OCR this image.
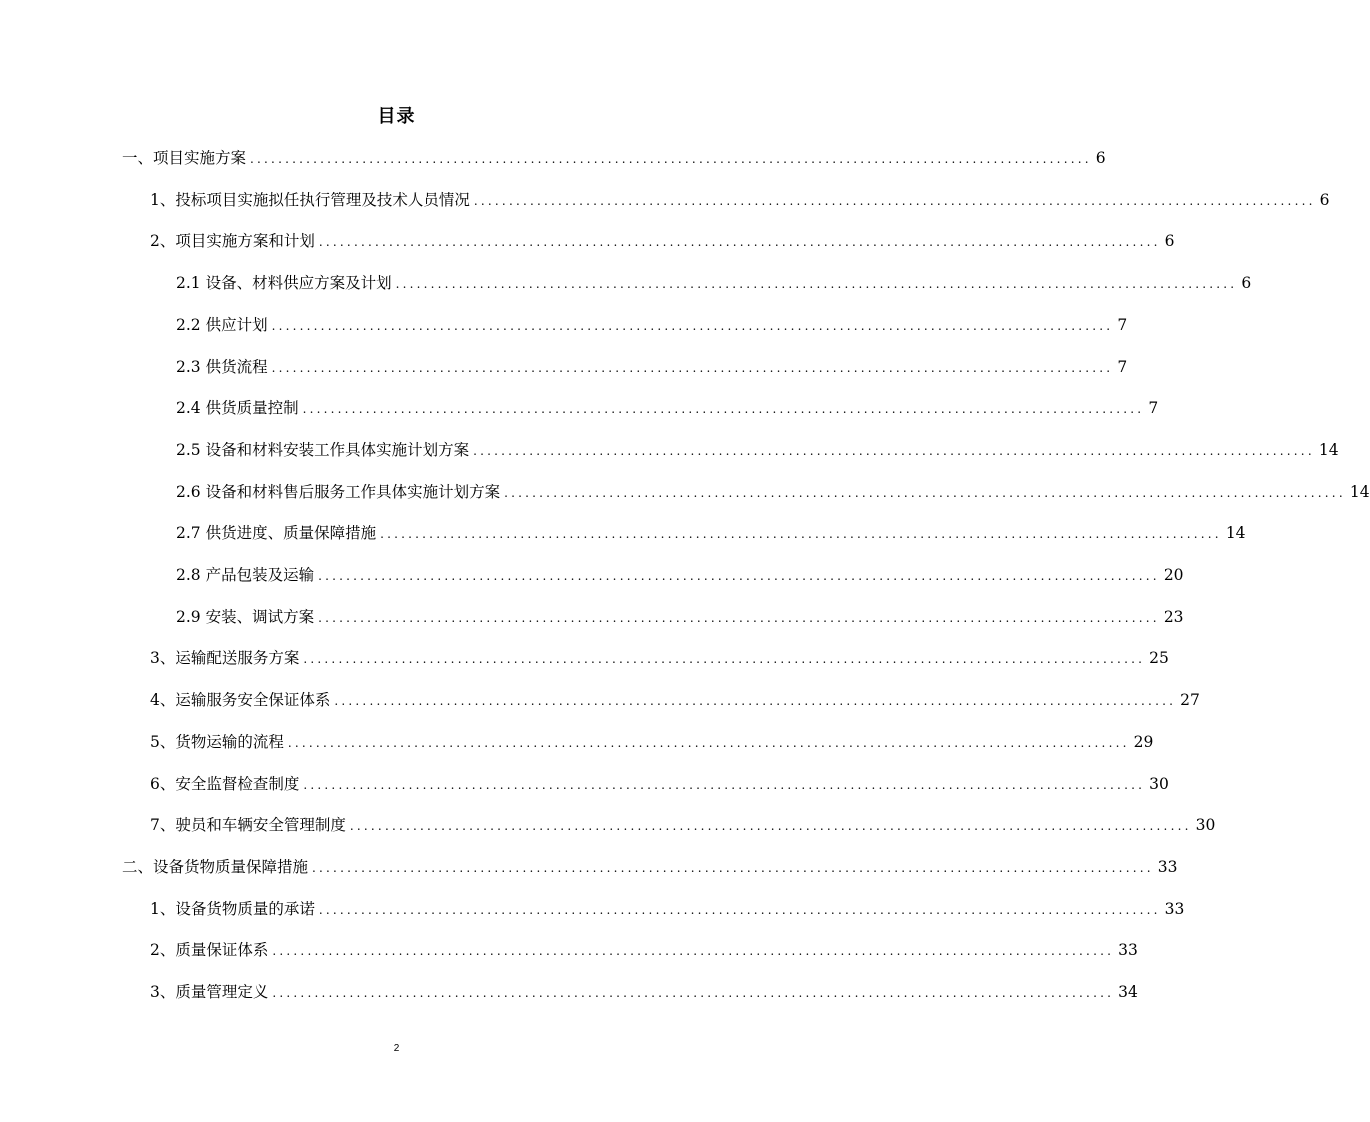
目录
一、项目实施方案 ........................................................................................................................ 6
1、投标项目实施拟任执行管理及技术人员情况 ........................................................................................................................ 6
2、项目实施方案和计划 ........................................................................................................................ 6
2.1 设备、材料供应方案及计划 ........................................................................................................................ 6
2.2 供应计划 ........................................................................................................................ 7
2.3 供货流程 ........................................................................................................................ 7
2.4 供货质量控制 ........................................................................................................................ 7
2.5 设备和材料安装工作具体实施计划方案 ........................................................................................................................ 14
2.6 设备和材料售后服务工作具体实施计划方案 ........................................................................................................................ 14
2.7 供货进度、质量保障措施 ........................................................................................................................ 14
2.8 产品包装及运输 ........................................................................................................................ 20
2.9 安装、调试方案 ........................................................................................................................ 23
3、运输配送服务方案 ........................................................................................................................ 25
4、运输服务安全保证体系 ........................................................................................................................ 27
5、货物运输的流程 ........................................................................................................................ 29
6、安全监督检查制度 ........................................................................................................................ 30
7、驶员和车辆安全管理制度 ........................................................................................................................ 30
二、设备货物质量保障措施 ........................................................................................................................ 33
1、设备货物质量的承诺 ........................................................................................................................ 33
2、质量保证体系 ........................................................................................................................ 33
3、质量管理定义 ........................................................................................................................ 34
2
